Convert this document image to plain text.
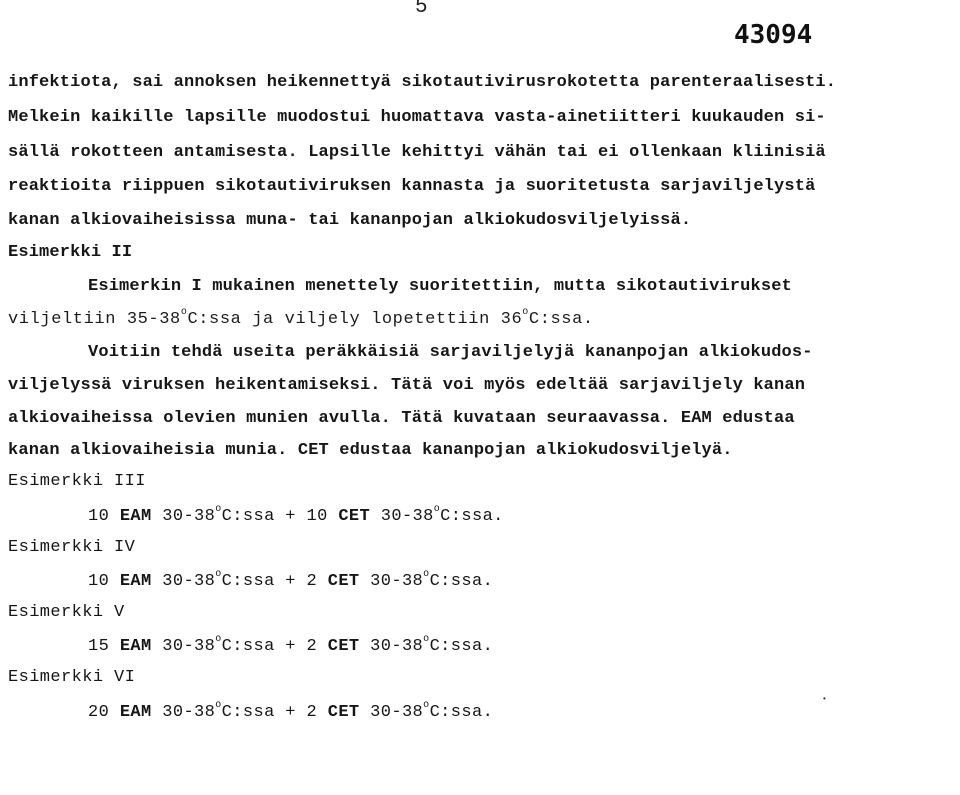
5
43094
infektiota, sai annoksen heikennettyä sikotautivirusrokotetta parenteraalisesti.
Melkein kaikille lapsille muodostui huomattava vasta-ainetiitteri kuukauden si-
sällä rokotteen antamisesta. Lapsille kehittyi vähän tai ei ollenkaan kliinisiä
reaktioita riippuen sikotautiviruksen kannasta ja suoritetusta sarjaviljelystä
kanan alkiovaiheisissa muna- tai kananpojan alkiokudosviljelyissä.
Esimerkki II
Esimerkin I mukainen menettely suoritettiin, mutta sikotautivirukset
viljeltiin 35-38$^o$C:ssa ja viljely lopetettiin 36$^o$C:ssa.
Voitiin tehdä useita peräkkäisiä sarjaviljelyjä kananpojan alkiokudos-
viljelyssä viruksen heikentamiseksi. Tätä voi myös edeltää sarjaviljely kanan
alkiovaiheissa olevien munien avulla. Tätä kuvataan seuraavassa. EAM edustaa
kanan alkiovaiheisia munia. CET edustaa kananpojan alkiokudosviljelyä.
Esimerkki III
10 EAM $30-38^oC:ssa + 10$ CET 30-38$^o$C:ssa.
Esimerkki IV
10 EAM $30-38^oC:ssa + 2$ CET 30-38$^o$C:ssa.
Esimerkki V
15 EAM $30-38^oC:ssa + 2$ CET 30-38$^o$C:ssa.
Esimerkki VI
20 EAM $30-38^oC:ssa + 2$ CET 30-38$^o$C:ssa.
•
